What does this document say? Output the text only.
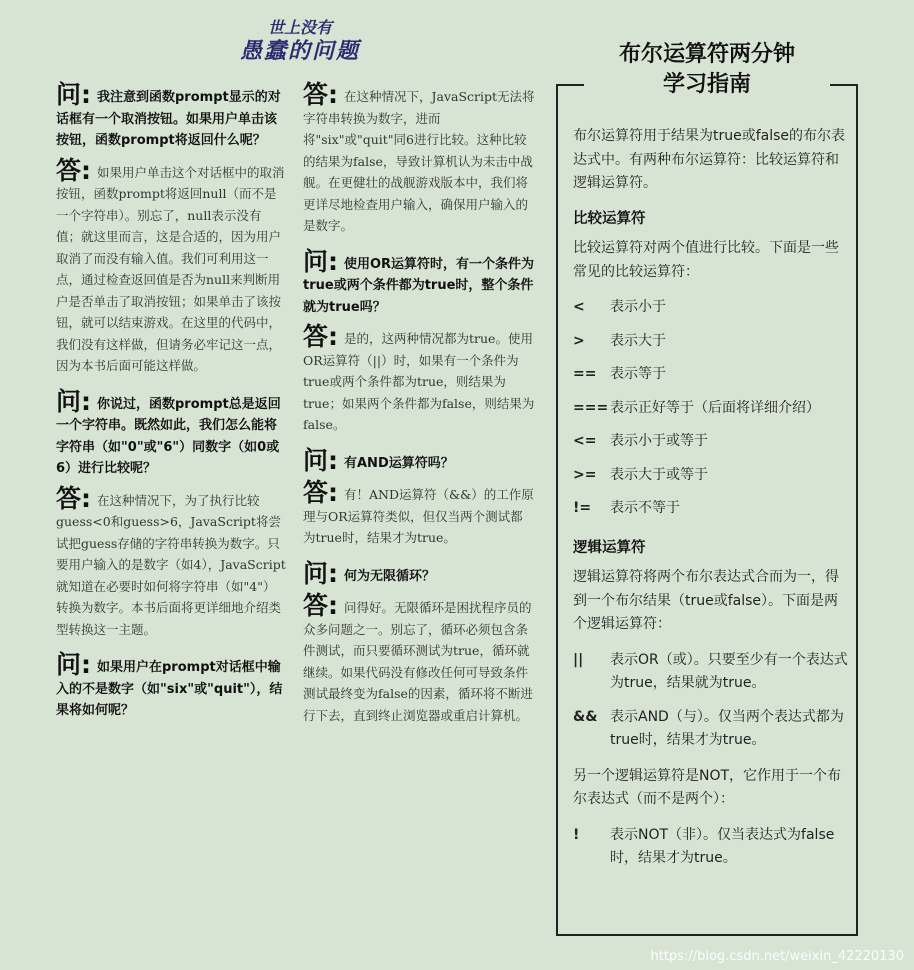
世上没有
愚蠢的问题
问: 我注意到函数prompt显示的对话框有一个取消按钮。如果用户单击该按钮，函数prompt将返回什么呢？
答: 如果用户单击这个对话框中的取消按钮，函数prompt将返回null（而不是一个字符串）。别忘了，null表示没有值；就这里而言，这是合适的，因为用户取消了而没有输入值。我们可利用这一点，通过检查返回值是否为null来判断用户是否单击了取消按钮；如果单击了该按钮，就可以结束游戏。在这里的代码中，我们没有这样做，但请务必牢记这一点，因为本书后面可能这样做。
问: 你说过，函数prompt总是返回一个字符串。既然如此，我们怎么能将字符串（如"0"或"6"）同数字（如0或6）进行比较呢？
答: 在这种情况下，为了执行比较guess<0和guess>6，JavaScript将尝试把guess存储的字符串转换为数字。只要用户输入的是数字（如4），JavaScript就知道在必要时如何将字符串（如"4"）转换为数字。本书后面将更详细地介绍类型转换这一主题。
问: 如果用户在prompt对话框中输入的不是数字（如"six"或"quit"），结果将如何呢？
答: 在这种情况下，JavaScript无法将字符串转换为数字，进而将"six"或"quit"同6进行比较。这种比较的结果为false，导致计算机认为未击中战舰。在更健壮的战舰游戏版本中，我们将更详尽地检查用户输入，确保用户输入的是数字。
问: 使用OR运算符时，有一个条件为true或两个条件都为true时，整个条件就为true吗？
答: 是的，这两种情况都为true。使用OR运算符（||）时，如果有一个条件为true或两个条件都为true，则结果为true；如果两个条件都为false，则结果为false。
问: 有AND运算符吗？
答: 有！AND运算符（&&）的工作原理与OR运算符类似，但仅当两个测试都为true时，结果才为true。
问: 何为无限循环？
答: 问得好。无限循环是困扰程序员的众多问题之一。别忘了，循环必须包含条件测试，而只要循环测试为true，循环就继续。如果代码没有修改任何可导致条件测试最终变为false的因素，循环将不断进行下去，直到终止浏览器或重启计算机。
布尔运算符两分钟
学习指南

布尔运算符用于结果为true或false的布尔表达式中。有两种布尔运算符：比较运算符和逻辑运算符。

比较运算符

比较运算符对两个值进行比较。下面是一些常见的比较运算符：

<	表示小于
>	表示大于
== 表示等于
=== 表示正好等于（后面将详细介绍）
<= 表示小于或等于
>= 表示大于或等于
!=	表示不等于
逻辑运算符

逻辑运算符将两个布尔表达式合而为一，得到一个布尔结果（true或false）。下面是两个逻辑运算符：

||	表示OR（或）。只要至少有一个表达式为true，结果就为true。
&& 表示AND（与）。仅当两个表达式都为true时，结果才为true。

另一个逻辑运算符是NOT，它作用于一个布尔表达式（而不是两个）：

!	表示NOT（非）。仅当表达式为false时，结果才为true。
https://blog.csdn.net/weixin_42220130
